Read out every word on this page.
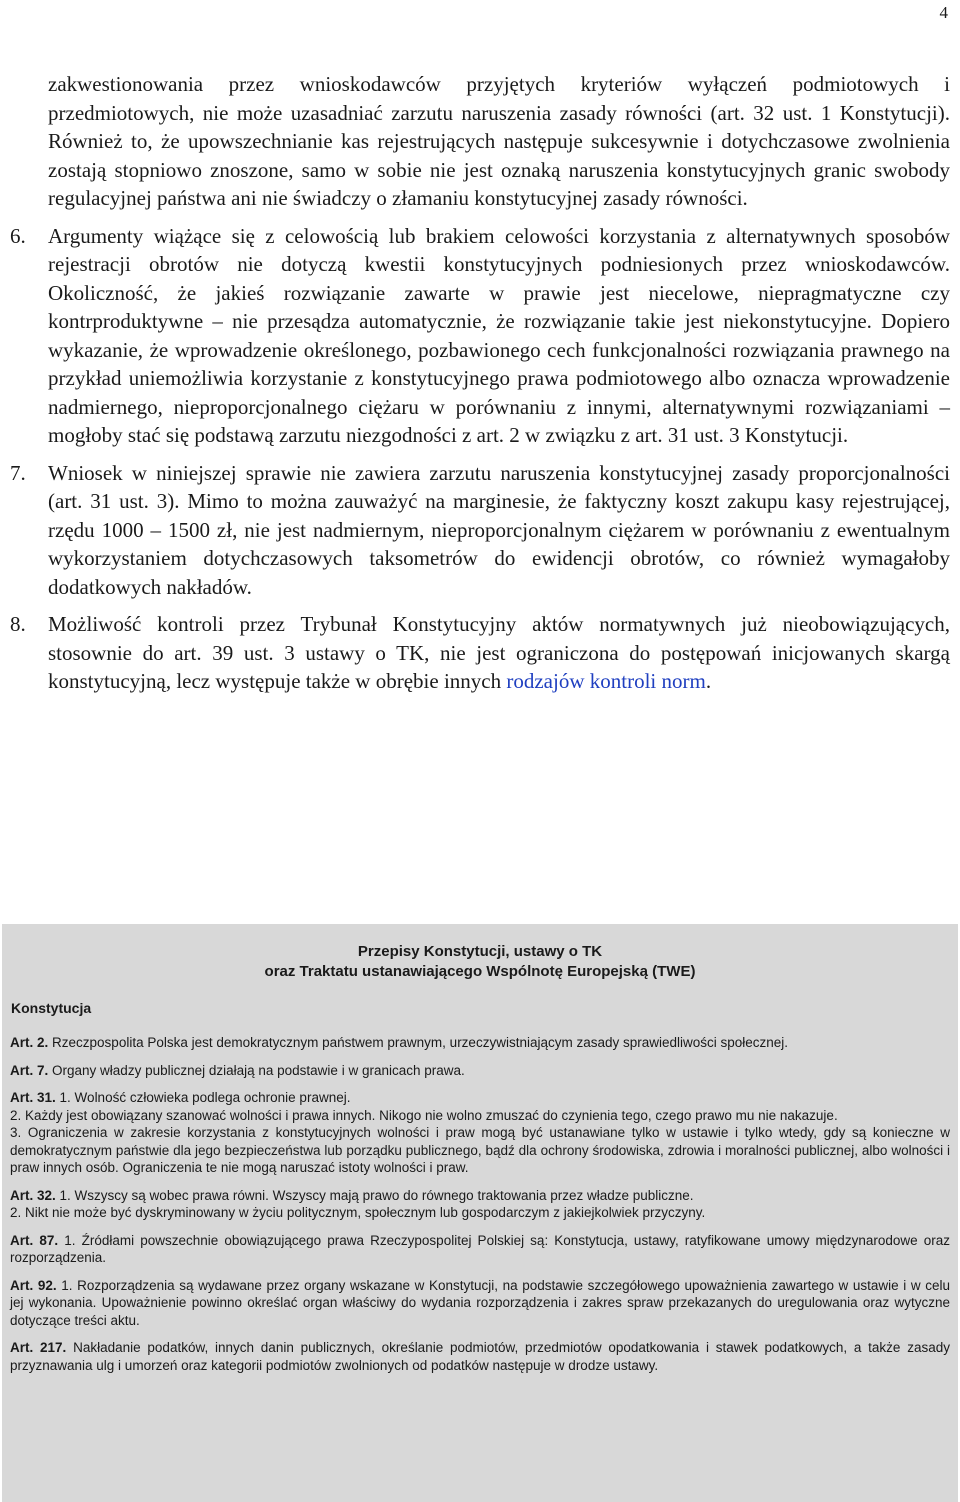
4

zakwestionowania przez wnioskodawców przyjętych kryteriów wyłączeń podmiotowych i przedmiotowych, nie może uzasadniać zarzutu naruszenia zasady równości (art. 32 ust. 1 Konstytucji). Również to, że upowszechnianie kas rejestrujących następuje sukcesywnie i dotychczasowe zwolnienia zostają stopniowo znoszone, samo w sobie nie jest oznaką naruszenia konstytucyjnych granic swobody regulacyjnej państwa ani nie świadczy o złamaniu konstytucyjnej zasady równości.

6.	Argumenty wiążące się z celowością lub brakiem celowości korzystania z alternatywnych sposobów rejestracji obrotów nie dotyczą kwestii konstytucyjnych podniesionych przez wnioskodawców. Okoliczność, że jakieś rozwiązanie zawarte w prawie jest niecelowe, niepragmatyczne czy kontrproduktywne – nie przesądza automatycznie, że rozwiązanie takie jest niekonstytucyjne. Dopiero wykazanie, że wprowadzenie określonego, pozbawionego cech funkcjonalności rozwiązania prawnego na przykład uniemożliwia korzystanie z konstytucyjnego prawa podmiotowego albo oznacza wprowadzenie nadmiernego, nieproporcjonalnego ciężaru w porównaniu z innymi, alternatywnymi rozwiązaniami – mogłoby stać się podstawą zarzutu niezgodności z art. 2 w związku z art. 31 ust. 3 Konstytucji.

7.	Wniosek w niniejszej sprawie nie zawiera zarzutu naruszenia konstytucyjnej zasady proporcjonalności (art. 31 ust. 3). Mimo to można zauważyć na marginesie, że faktyczny koszt zakupu kasy rejestrującej, rzędu 1000 – 1500 zł, nie jest nadmiernym, nieproporcjonalnym ciężarem w porównaniu z ewentualnym wykorzystaniem dotychczasowych taksometrów do ewidencji obrotów, co również wymagałoby dodatkowych nakładów.

8.	Możliwość kontroli przez Trybunał Konstytucyjny aktów normatywnych już nieobowiązujących, stosownie do art. 39 ust. 3 ustawy o TK, nie jest ograniczona do postępowań inicjowanych skargą konstytucyjną, lecz występuje także w obrębie innych rodzajów kontroli norm.

Przepisy Konstytucji, ustawy o TK
oraz Traktatu ustanawiającego Wspólnotę Europejską (TWE)
Konstytucja

Art. 2. Rzeczpospolita Polska jest demokratycznym państwem prawnym, urzeczywistniającym zasady sprawiedliwości społecznej.

Art. 7. Organy władzy publicznej działają na podstawie i w granicach prawa.

Art. 31. 1. Wolność człowieka podlega ochronie prawnej.

2. Każdy jest obowiązany szanować wolności i prawa innych. Nikogo nie wolno zmuszać do czynienia tego, czego prawo mu nie nakazuje.

3. Ograniczenia w zakresie korzystania z konstytucyjnych wolności i praw mogą być ustanawiane tylko w ustawie i tylko wtedy, gdy są konieczne w demokratycznym państwie dla jego bezpieczeństwa lub porządku publicznego, bądź dla ochrony środowiska, zdrowia i moralności publicznej, albo wolności i praw innych osób. Ograniczenia te nie mogą naruszać istoty wolności i praw.

Art. 32. 1. Wszyscy są wobec prawa równi. Wszyscy mają prawo do równego traktowania przez władze publiczne.

2. Nikt nie może być dyskryminowany w życiu politycznym, społecznym lub gospodarczym z jakiejkolwiek przyczyny.

Art. 87. 1. Źródłami powszechnie obowiązującego prawa Rzeczypospolitej Polskiej są: Konstytucja, ustawy, ratyfikowane umowy międzynarodowe oraz rozporządzenia.

Art. 92. 1. Rozporządzenia są wydawane przez organy wskazane w Konstytucji, na podstawie szczegółowego upoważnienia zawartego w ustawie i w celu jej wykonania. Upoważnienie powinno określać organ właściwy do wydania rozporządzenia i zakres spraw przekazanych do uregulowania oraz wytyczne dotyczące treści aktu.

Art. 217. Nakładanie podatków, innych danin publicznych, określanie podmiotów, przedmiotów opodatkowania i stawek podatkowych, a także zasady przyznawania ulg i umorzeń oraz kategorii podmiotów zwolnionych od podatków następuje w drodze ustawy.
